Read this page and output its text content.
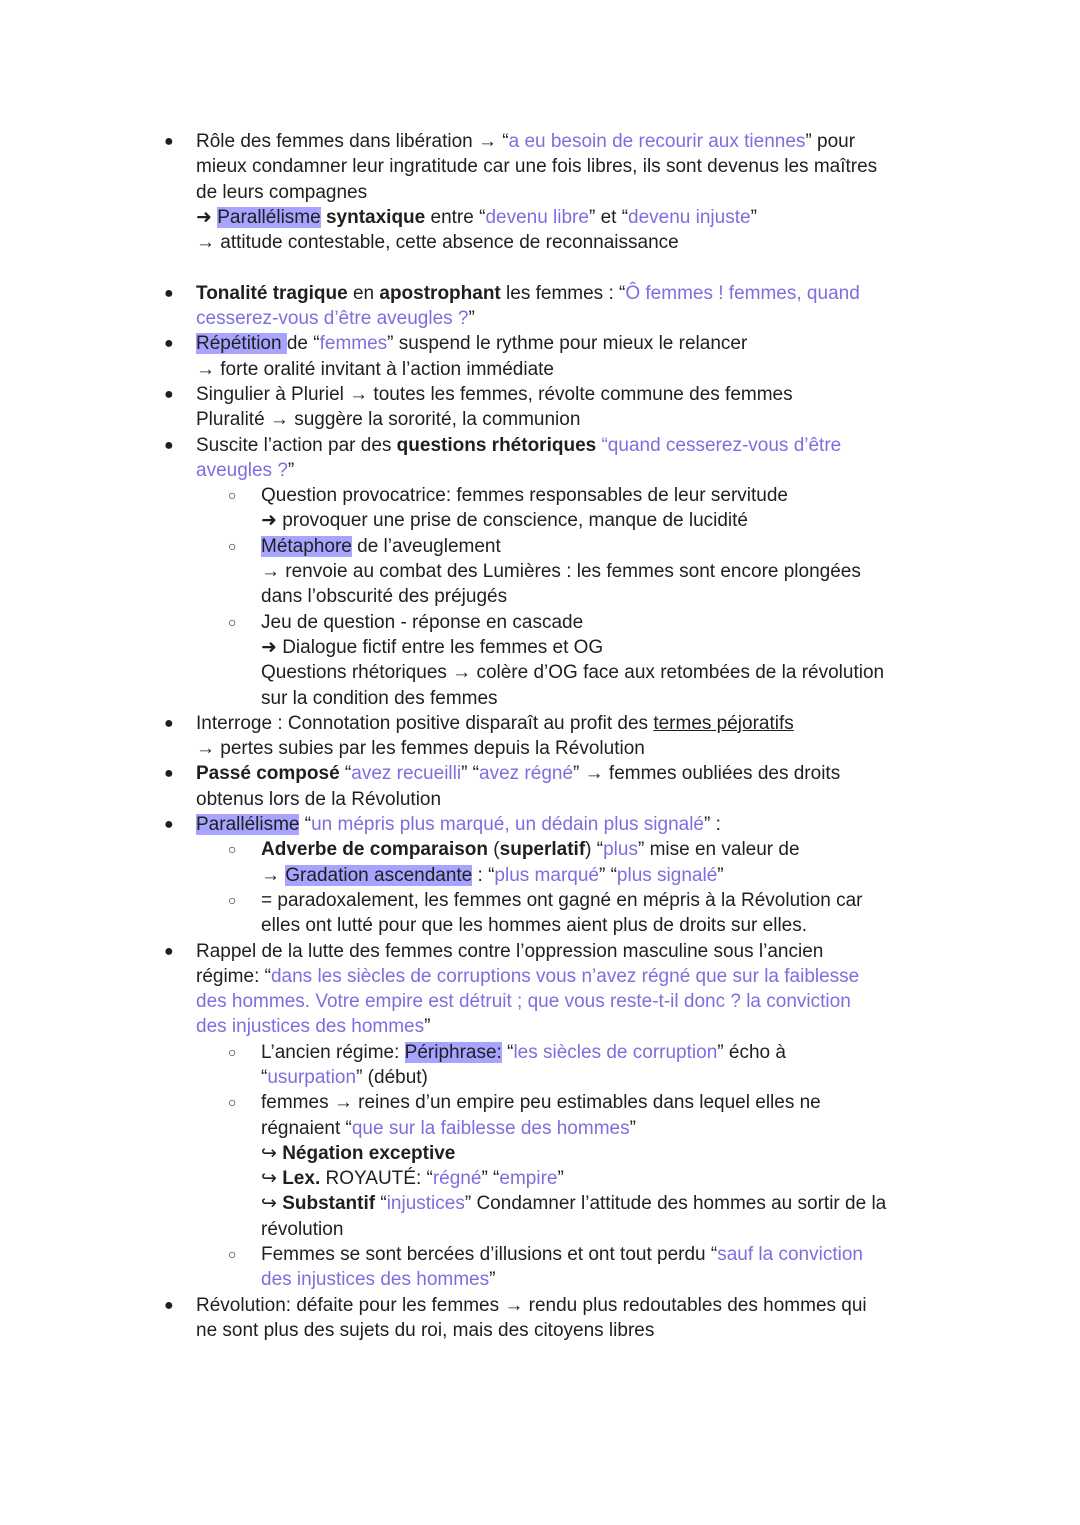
● Rôle des femmes dans libération → “a eu besoin de recourir aux tiennes” pour
mieux condamner leur ingratitude car une fois libres, ils sont devenus les maîtres
de leurs compagnes
➜ Parallélisme syntaxique entre “devenu libre” et “devenu injuste”
→ attitude contestable, cette absence de reconnaissance
● Tonalité tragique en apostrophant les femmes : “Ô femmes ! femmes, quand
cesserez-vous d’être aveugles ?”
● Répétition de “femmes” suspend le rythme pour mieux le relancer
→ forte oralité invitant à l’action immédiate
● Singulier à Pluriel → toutes les femmes, révolte commune des femmes
Pluralité → suggère la sororité, la communion
● Suscite l’action par des questions rhétoriques “quand cesserez-vous d’être
aveugles ?”
○ Question provocatrice: femmes responsables de leur servitude
➜ provoquer une prise de conscience, manque de lucidité
○ Métaphore de l’aveuglement
→ renvoie au combat des Lumières : les femmes sont encore plongées
dans l’obscurité des préjugés
○ Jeu de question - réponse en cascade
➜ Dialogue fictif entre les femmes et OG
Questions rhétoriques → colère d’OG face aux retombées de la révolution
sur la condition des femmes
● Interroge : Connotation positive disparaît au profit des termes péjoratifs
→ pertes subies par les femmes depuis la Révolution
● Passé composé “avez recueilli” “avez régné” → femmes oubliées des droits
obtenus lors de la Révolution
● Parallélisme “un mépris plus marqué, un dédain plus signalé” :
○ Adverbe de comparaison (superlatif) “plus” mise en valeur de
→ Gradation ascendante : “plus marqué” “plus signalé”
○ = paradoxalement, les femmes ont gagné en mépris à la Révolution car
elles ont lutté pour que les hommes aient plus de droits sur elles.
● Rappel de la lutte des femmes contre l’oppression masculine sous l’ancien
régime: “dans les siècles de corruptions vous n’avez régné que sur la faiblesse
des hommes. Votre empire est détruit ; que vous reste-t-il donc ? la conviction
des injustices des hommes”
○ L’ancien régime: Périphrase: “les siècles de corruption” écho à
“usurpation” (début)
○ femmes → reines d’un empire peu estimables dans lequel elles ne
régnaient “que sur la faiblesse des hommes”
↪ Négation exceptive
↪ Lex. ROYAUTÉ: “régné” “empire”
↪ Substantif “injustices” Condamner l’attitude des hommes au sortir de la
révolution
○ Femmes se sont bercées d’illusions et ont tout perdu “sauf la conviction
des injustices des hommes”
● Révolution: défaite pour les femmes → rendu plus redoutables des hommes qui
ne sont plus des sujets du roi, mais des citoyens libres
